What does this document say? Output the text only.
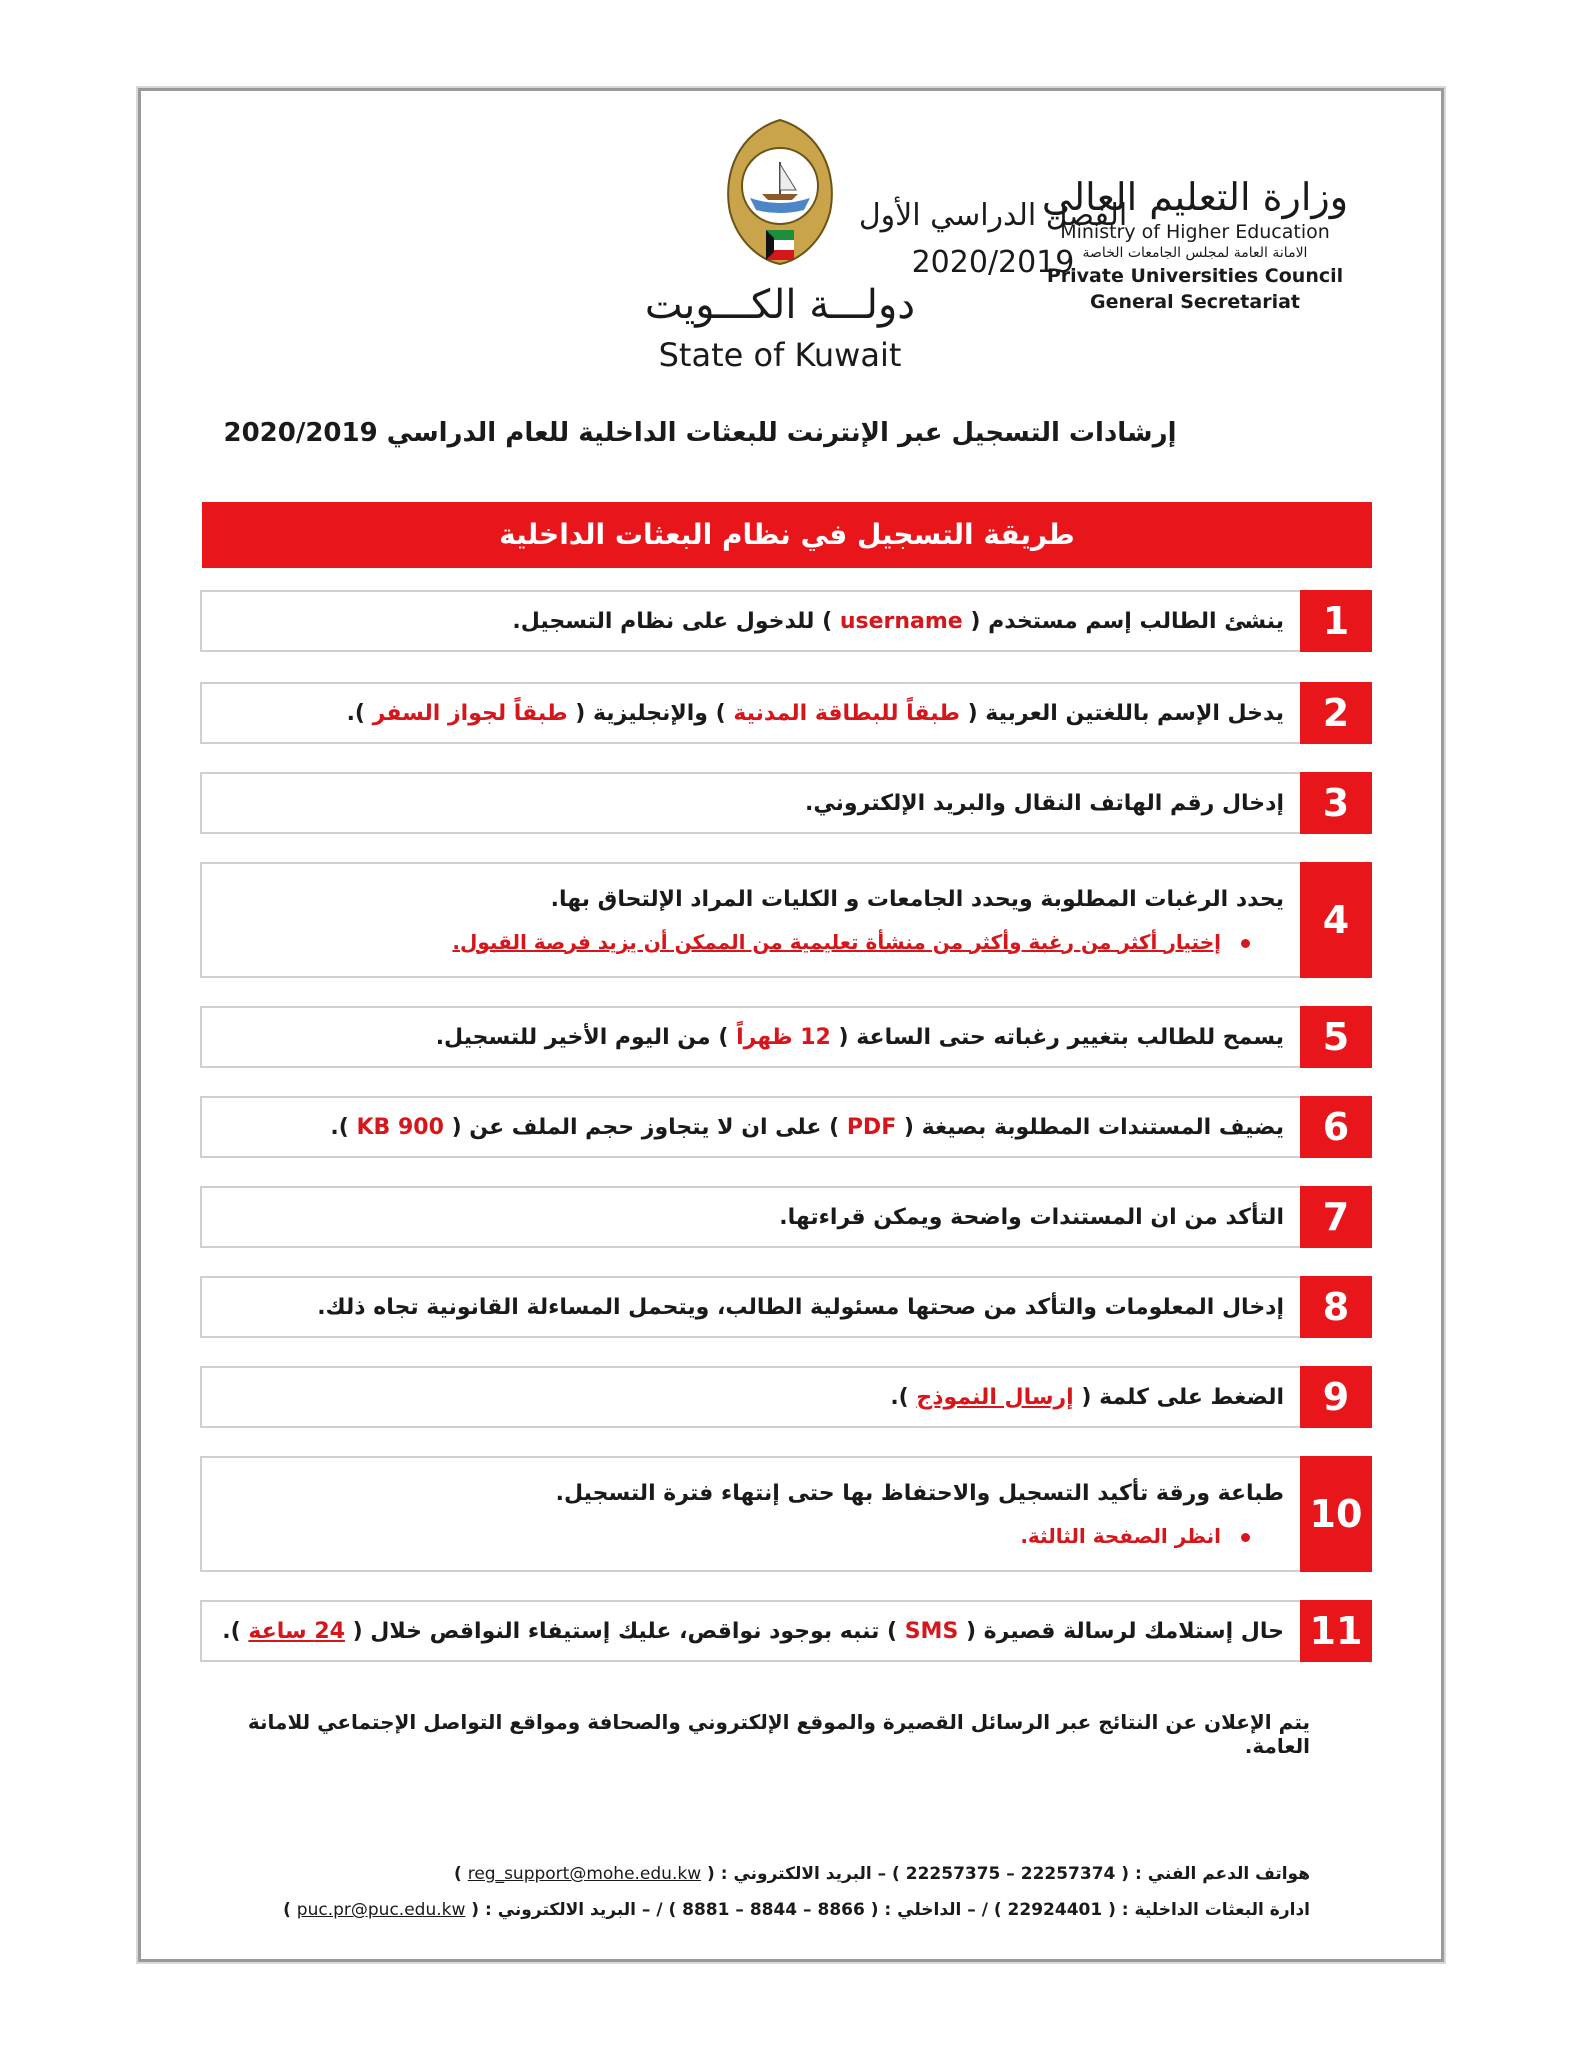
الفصل الدراسي الأول
2020/2019
دولـــة الكـــويت
State of Kuwait
وزارة التعليم العالي
Ministry of Higher Education
الامانة العامة لمجلس الجامعات الخاصة
Private Universities Council
General Secretariat
إرشادات التسجيل عبر الإنترنت للبعثات الداخلية للعام الدراسي 2020/2019
طريقة التسجيل في نظام البعثات الداخلية
1
ينشئ الطالب إسم مستخدم ( username ) للدخول على نظام التسجيل.
2
يدخل الإسم باللغتين العربية ( طبقاً للبطاقة المدنية ) والإنجليزية ( طبقاً لجواز السفر ).
3
إدخال رقم الهاتف النقال والبريد الإلكتروني.
4
يحدد الرغبات المطلوبة ويحدد الجامعات و الكليات المراد الإلتحاق بها.
إختيار أكثر من رغبة وأكثر من منشأة تعليمية من الممكن أن يزيد فرصة القبول.
5
يسمح للطالب بتغيير رغباته حتى الساعة ( 12 ظهراً ) من اليوم الأخير للتسجيل.
6
يضيف المستندات المطلوبة بصيغة ( PDF ) على ان لا يتجاوز حجم الملف عن ( 900 KB ).
7
التأكد من ان المستندات واضحة ويمكن قراءتها.
8
إدخال المعلومات والتأكد من صحتها مسئولية الطالب، ويتحمل المساءلة القانونية تجاه ذلك.
9
الضغط على كلمة ( إرسال النموذج ).
10
طباعة ورقة تأكيد التسجيل والاحتفاظ بها حتى إنتهاء فترة التسجيل.
انظر الصفحة الثالثة.
11
حال إستلامك لرسالة قصيرة ( SMS ) تنبه بوجود نواقص، عليك إستيفاء النواقص خلال ( 24 ساعة ).
يتم الإعلان عن النتائج عبر الرسائل القصيرة والموقع الإلكتروني والصحافة ومواقع التواصل الإجتماعي للامانة العامة.
هواتف الدعم الفني : ( 22257374 – 22257375 ) – البريد الالكتروني : ( reg_support@mohe.edu.kw )
ادارة البعثات الداخلية : ( 22924401 ) / – الداخلي : ( 8866 – 8844 – 8881 ) / – البريد الالكتروني : ( puc.pr@puc.edu.kw )
